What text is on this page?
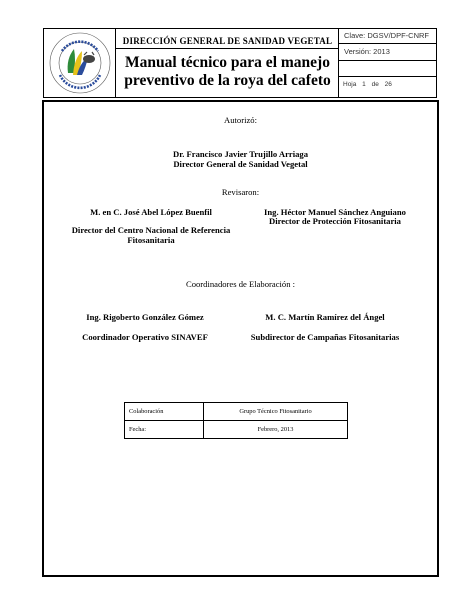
DIRECCIÓN GENERAL DE SANIDAD VEGETAL
Manual técnico para el manejo
preventivo de la roya del cafeto
Clave: DGSV/DPF-CNRF
Versión: 2013
Hoja 1 de 26
Autorizó:
Dr. Francisco Javier Trujillo Arriaga
Director General de Sanidad Vegetal
Revisaron:
M. en C. José Abel López Buenfil
Director del Centro Nacional de Referencia
Fitosanitaria
Ing. Héctor Manuel Sánchez Anguiano
Director de Protección Fitosanitaria
Coordinadores de Elaboración :
Ing. Rigoberto González Gómez
Coordinador Operativo SINAVEF
M. C. Martín Ramírez del Ángel
Subdirector de Campañas Fitosanitarias
Colaboración	Grupo Técnico Fitosanitario
Fecha:	Febrero, 2013
